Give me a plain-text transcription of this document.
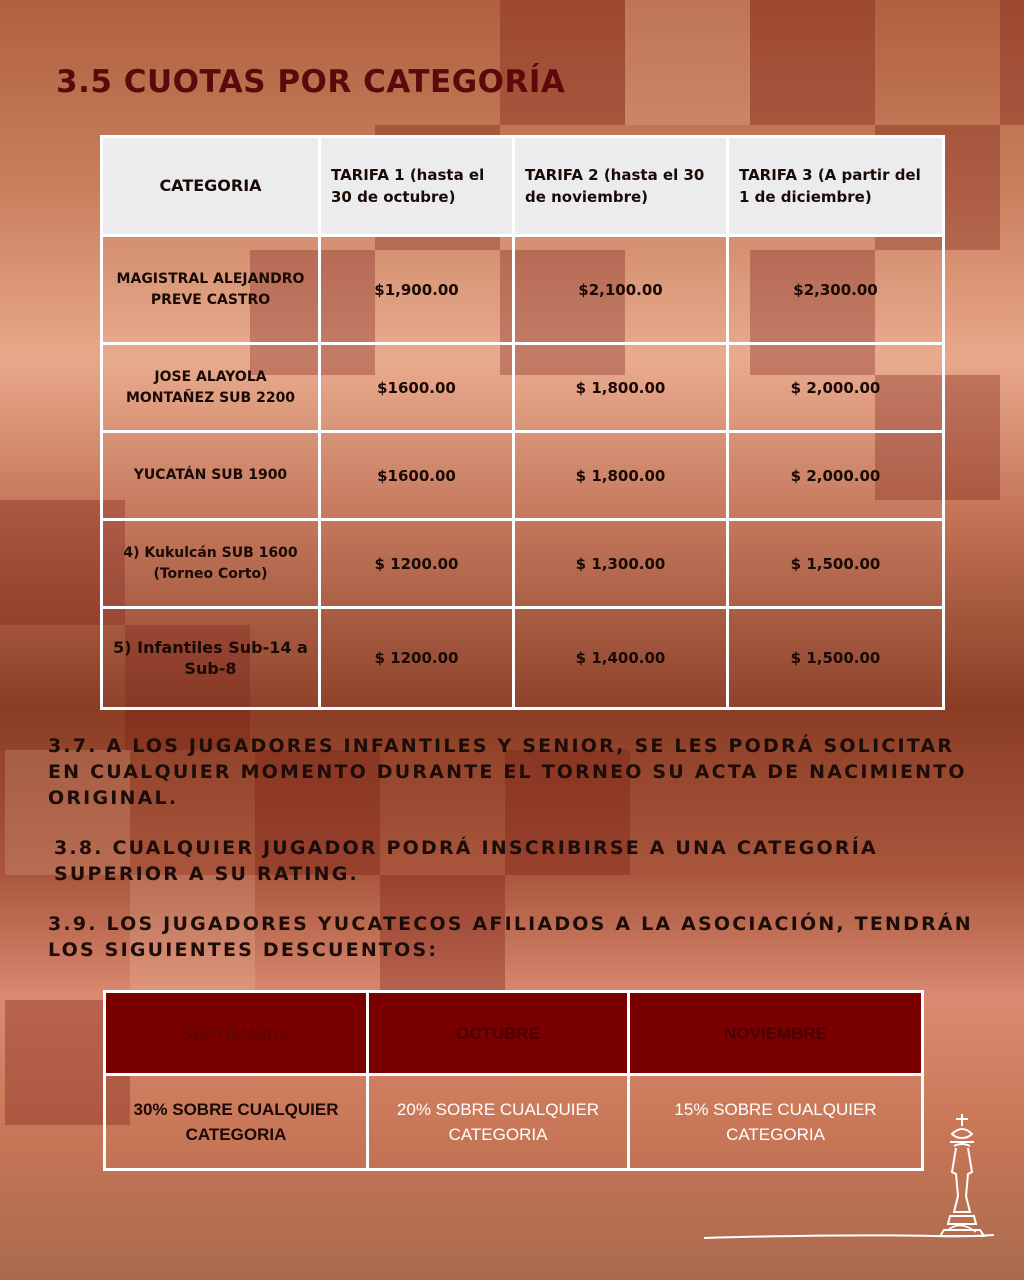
3.5 CUOTAS POR CATEGORÍA
CATEGORIA	TARIFA 1 (hasta el 30 de octubre)	TARIFA 2 (hasta el 30 de noviembre)	TARIFA 3 (A partir del 1 de diciembre)
MAGISTRAL ALEJANDRO PREVE CASTRO	$1,900.00	$2,100.00	$2,300.00
JOSE ALAYOLA MONTAÑEZ SUB 2200	$1600.00	$ 1,800.00	$ 2,000.00
YUCATÁN SUB 1900	$1600.00	$ 1,800.00	$ 2,000.00
4) Kukulcán SUB 1600 (Torneo Corto)	$ 1200.00	$ 1,300.00	$ 1,500.00
5) Infantiles Sub-14 a Sub-8	$ 1200.00	$ 1,400.00	$ 1,500.00

3.7. A LOS JUGADORES INFANTILES Y SENIOR, SE LES PODRÁ SOLICITAR EN CUALQUIER MOMENTO DURANTE EL TORNEO SU ACTA DE NACIMIENTO ORIGINAL.

3.8. CUALQUIER JUGADOR PODRÁ INSCRIBIRSE A UNA CATEGORÍA SUPERIOR A SU RATING.

3.9. LOS JUGADORES YUCATECOS AFILIADOS A LA ASOCIACIÓN, TENDRÁN LOS SIGUIENTES DESCUENTOS:

SEPTIEMBRE	OCTUBRE	NOVIEMBRE
30% SOBRE CUALQUIER CATEGORIA	20% SOBRE CUALQUIER CATEGORIA	15% SOBRE CUALQUIER CATEGORIA
